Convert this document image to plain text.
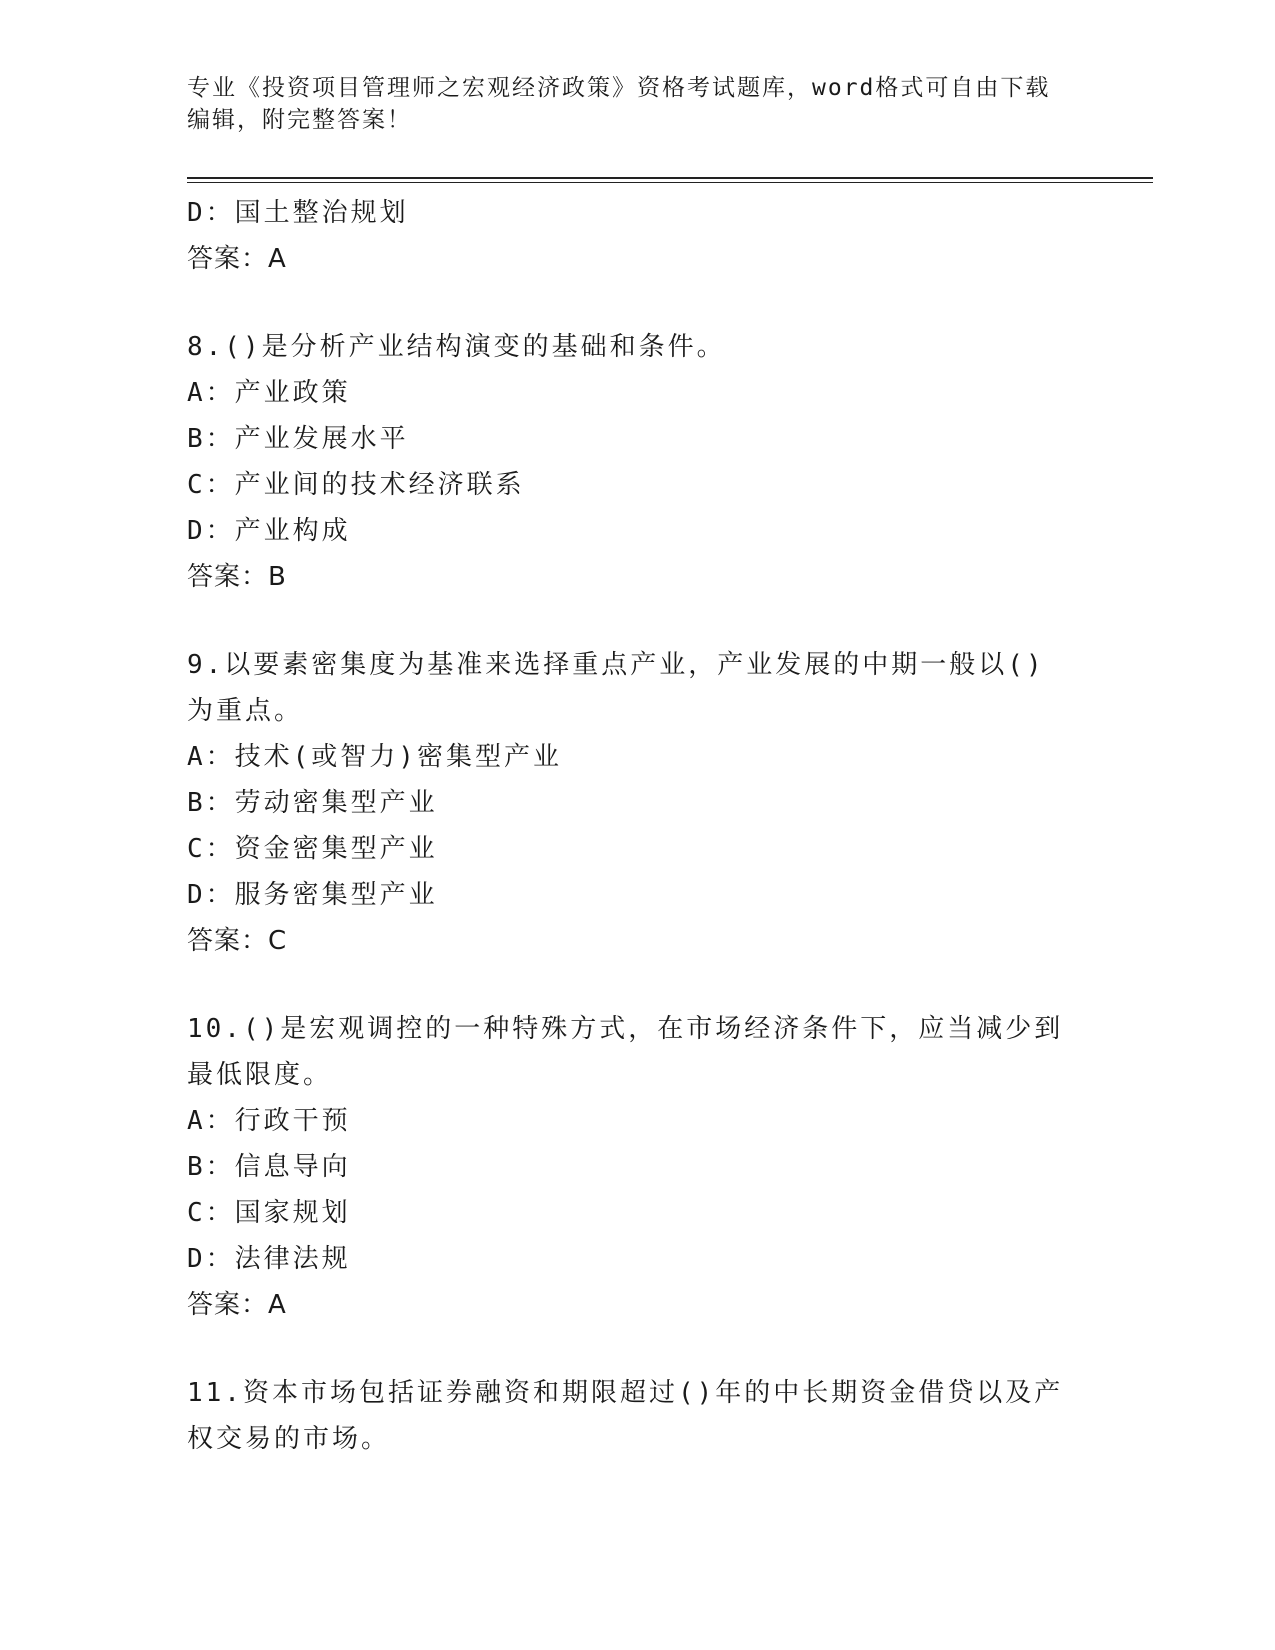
专业《投资项目管理师之宏观经济政策》资格考试题库，word格式可自由下载编辑，附完整答案！
D：国土整治规划
答案：A
8.()是分析产业结构演变的基础和条件。
A：产业政策
B：产业发展水平
C：产业间的技术经济联系
D：产业构成
答案：B
9.以要素密集度为基准来选择重点产业，产业发展的中期一般以()为重点。
A：技术(或智力)密集型产业
B：劳动密集型产业
C：资金密集型产业
D：服务密集型产业
答案：C
10.()是宏观调控的一种特殊方式，在市场经济条件下，应当减少到最低限度。
A：行政干预
B：信息导向
C：国家规划
D：法律法规
答案：A
11.资本市场包括证券融资和期限超过()年的中长期资金借贷以及产权交易的市场。
